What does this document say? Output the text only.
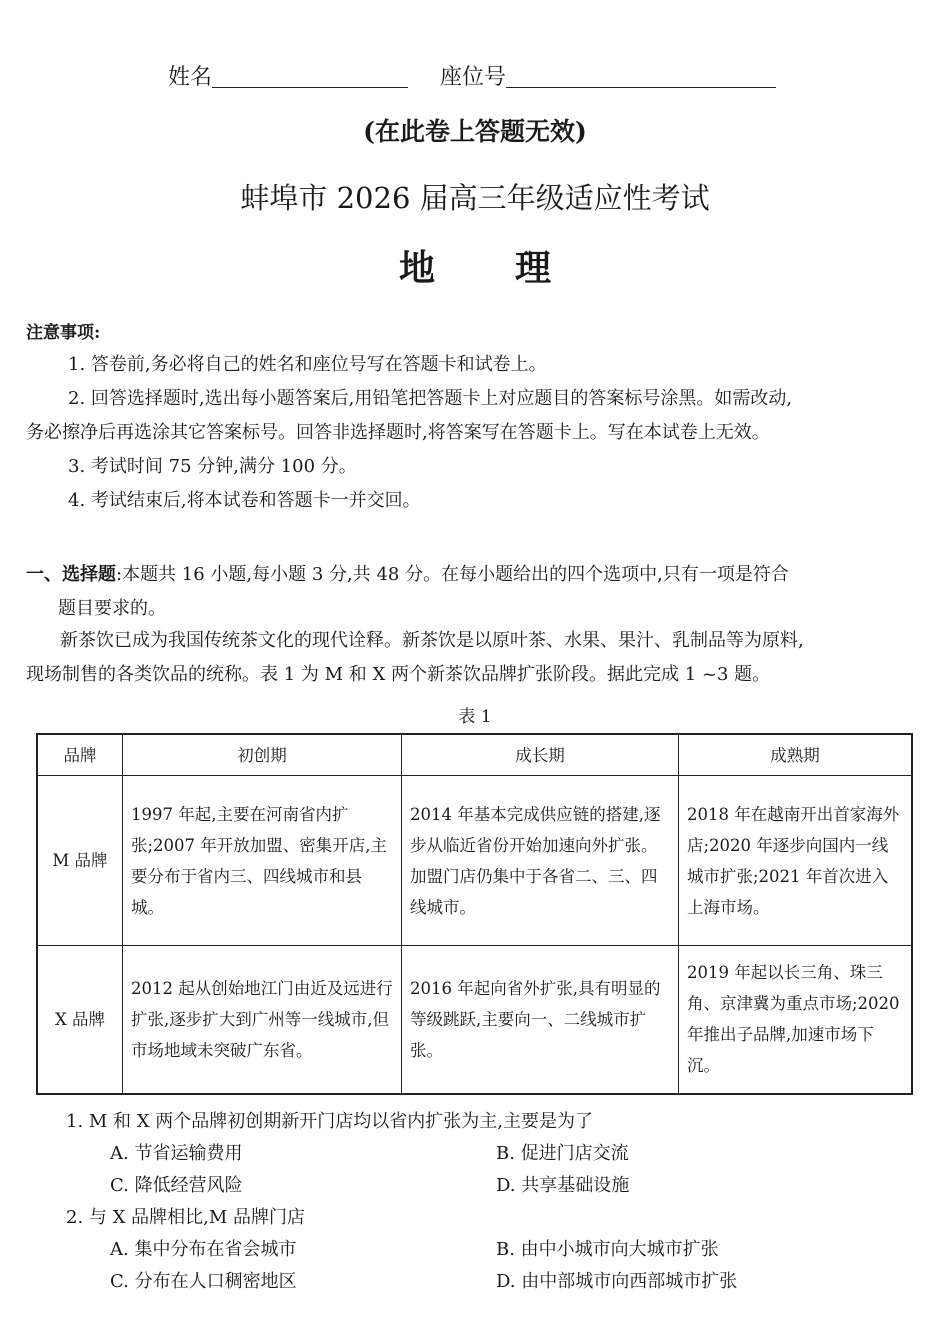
姓名	座位号
(在此卷上答题无效)
蚌埠市 2026 届高三年级适应性考试
地理
注意事项:
1. 答卷前,务必将自己的姓名和座位号写在答题卡和试卷上。
2. 回答选择题时,选出每小题答案后,用铅笔把答题卡上对应题目的答案标号涂黑。如需改动,
务必擦净后再选涂其它答案标号。回答非选择题时,将答案写在答题卡上。写在本试卷上无效。
3. 考试时间 75 分钟,满分 100 分。
4. 考试结束后,将本试卷和答题卡一并交回。
一、选择题:本题共 16 小题,每小题 3 分,共 48 分。在每小题给出的四个选项中,只有一项是符合
题目要求的。
新茶饮已成为我国传统茶文化的现代诠释。新茶饮是以原叶茶、水果、果汁、乳制品等为原料,
现场制售的各类饮品的统称。表 1 为 M 和 X 两个新茶饮品牌扩张阶段。据此完成 1 ~3 题。
表 1
品牌	初创期	成长期	成熟期
M 品牌	1997 年起,主要在河南省内扩张;2007 年开放加盟、密集开店,主要分布于省内三、四线城市和县城。	2014 年基本完成供应链的搭建,逐步从临近省份开始加速向外扩张。加盟门店仍集中于各省二、三、四线城市。	2018 年在越南开出首家海外店;2020 年逐步向国内一线城市扩张;2021 年首次进入上海市场。
X 品牌	2012 起从创始地江门由近及远进行扩张,逐步扩大到广州等一线城市,但市场地域未突破广东省。	2016 年起向省外扩张,具有明显的等级跳跃,主要向一、二线城市扩张。	2019 年起以长三角、珠三角、京津冀为重点市场;2020 年推出子品牌,加速市场下沉。
1. M 和 X 两个品牌初创期新开门店均以省内扩张为主,主要是为了
A. 节省运输费用	B. 促进门店交流
C. 降低经营风险	D. 共享基础设施
2. 与 X 品牌相比,M 品牌门店
A. 集中分布在省会城市	B. 由中小城市向大城市扩张
C. 分布在人口稠密地区	D. 由中部城市向西部城市扩张
